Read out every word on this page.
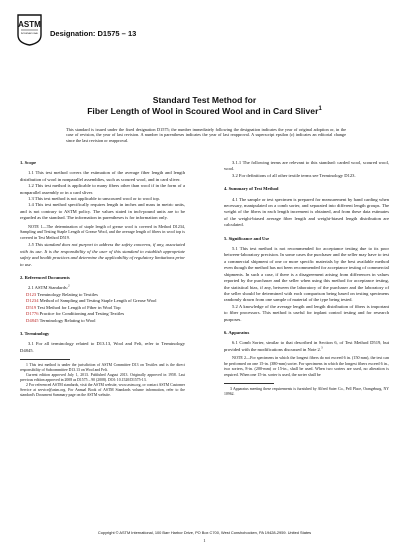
ASTM
INTERNATIONAL Designation: D1575 – 13
Standard Test Method for
Fiber Length of Wool in Scoured Wool and in Card Sliver$^1$
This standard is issued under the fixed designation D1575; the number immediately following the designation indicates the year of original adoption or, in the case of revision, the year of last revision. A number in parentheses indicates the year of last reapproval. A superscript epsilon (ε) indicates an editorial change since the last revision or reapproval.

1. Scope

1.1 This test method covers the estimation of the average fiber length and length distribution of wool in nonparallel assemblies, such as scoured wool, and in card sliver.

1.2 This test method is applicable to many fibers other than wool if in the form of a nonparallel assembly or in a card sliver.

1.3 This test method is not applicable to unscoured wool or to wool top.

1.4 This test method specifically requires length in inches and mass in metric units, and is not contrary to ASTM policy. The values stated in inch-pound units are to be regarded as the standard. The information in parentheses is for information only.

NOTE 1—The determination of staple length of grease wool is covered in Method D1234, Sampling and Testing Staple Length of Grease Wool, and the average length of fibers in wool top is covered in Test Method D519.

1.5 This standard does not purport to address the safety concerns, if any, associated with its use. It is the responsibility of the user of this standard to establish appropriate safety and health practices and determine the applicability of regulatory limitations prior to use.

2. Referenced Documents

2.1 ASTM Standards:$^2$

D123 Terminology Relating to Textiles

D1234 Method of Sampling and Testing Staple Length of Grease Wool

D519 Test Method for Length of Fiber in Wool Top

D1776 Practice for Conditioning and Testing Textiles

D4845 Terminology Relating to Wool

3. Terminology

3.1 For all terminology related to D13.13, Wool and Felt, refer to Terminology D4845.

1 This test method is under the jurisdiction of ASTM Committee D13 on Textiles and is the direct responsibility of Subcommittee D13.13 on Wool and Felt.

Current edition approved July 1, 2013. Published August 2013. Originally approved in 1958. Last previous edition approved in 2008 as D1575 – 90 (2008). DOI: 10.1520/D1575-13.

2 For referenced ASTM standards, visit the ASTM website, www.astm.org, or contact ASTM Customer Service at service@astm.org. For Annual Book of ASTM Standards volume information, refer to the standard's Document Summary page on the ASTM website.

3.1.1 The following terms are relevant to this standard: carded wool, scoured wool, wool.

3.2 For definitions of all other textile terms see Terminology D123.

4. Summary of Test Method

4.1 The sample or test specimen is prepared for measurement by hand carding when necessary, manipulated on a comb sorter, and separated into different length groups. The weight of the fibers in each length increment is obtained, and from these data estimates of the weight-biased average fiber length and weight-biased length distribution are calculated.

5. Significance and Use

5.1 This test method is not recommended for acceptance testing due to its poor between-laboratory precision. In some cases the purchaser and the seller may have to test a commercial shipment of one or more specific materials by the best available method even though the method has not been recommended for acceptance testing of commercial shipments. In such a case, if there is a disagreement arising from differences in values reported by the purchaser and the seller when using this method for acceptance testing, the statistical bias, if any, between the laboratory of the purchaser and the laboratory of the seller should be determined with each comparison being based on testing specimens randomly drawn from one sample of material of the type being tested.

5.2 A knowledge of the average length and length distribution of fibers is important to fiber processors. This method is useful for inplant control testing and for research purposes.

6. Apparatus

6.1 Comb Sorter, similar to that described in Section 6, of Test Method D519, but provided with the modifications discussed in Note 2.$^3$

NOTE 2—For specimens in which the longest fibers do not exceed 6 in. (150 mm), the test can be performed on one 15-in. (380-mm) sorter. For specimens in which the longest fibers exceed 6 in., two sorters, 8-in. (200-mm) or 15-in., shall be used. When two sorters are used, no alteration is required. When one 15-in. sorter is used, the sorter shall be

3 Apparatus meeting these requirements is furnished by Alfred Suter Co., Pell Place, Orangeburg, NY 10962.

Copyright © ASTM International, 100 Barr Harbor Drive, PO Box C700, West Conshohocken, PA 19428-2959. United States
1
